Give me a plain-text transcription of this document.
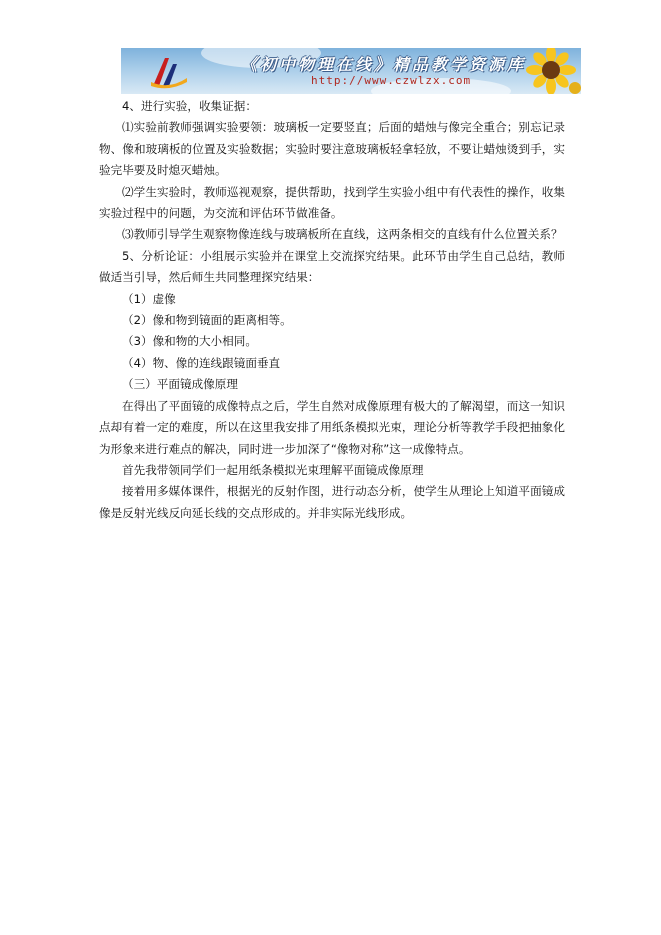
《初中物理在线》精品教学资源库
http://www.czwlzx.com

4、进行实验，收集证据：

⑴实验前教师强调实验要领：玻璃板一定要竖直；后面的蜡烛与像完全重合；别忘记录物、像和玻璃板的位置及实验数据；实验时要注意玻璃板轻拿轻放，不要让蜡烛烫到手，实验完毕要及时熄灭蜡烛。

⑵学生实验时，教师巡视观察，提供帮助，找到学生实验小组中有代表性的操作，收集实验过程中的问题，为交流和评估环节做准备。

⑶教师引导学生观察物像连线与玻璃板所在直线，这两条相交的直线有什么位置关系？

5、分析论证：小组展示实验并在课堂上交流探究结果。此环节由学生自己总结，教师做适当引导，然后师生共同整理探究结果：

（1）虚像

（2）像和物到镜面的距离相等。

（3）像和物的大小相同。

（4）物、像的连线跟镜面垂直

（三）平面镜成像原理

在得出了平面镜的成像特点之后，学生自然对成像原理有极大的了解渴望，而这一知识点却有着一定的难度，所以在这里我安排了用纸条模拟光束，理论分析等教学手段把抽象化为形象来进行难点的解决，同时进一步加深了“像物对称”这一成像特点。

首先我带领同学们一起用纸条模拟光束理解平面镜成像原理

接着用多媒体课件，根据光的反射作图，进行动态分析，使学生从理论上知道平面镜成像是反射光线反向延长线的交点形成的。并非实际光线形成。
